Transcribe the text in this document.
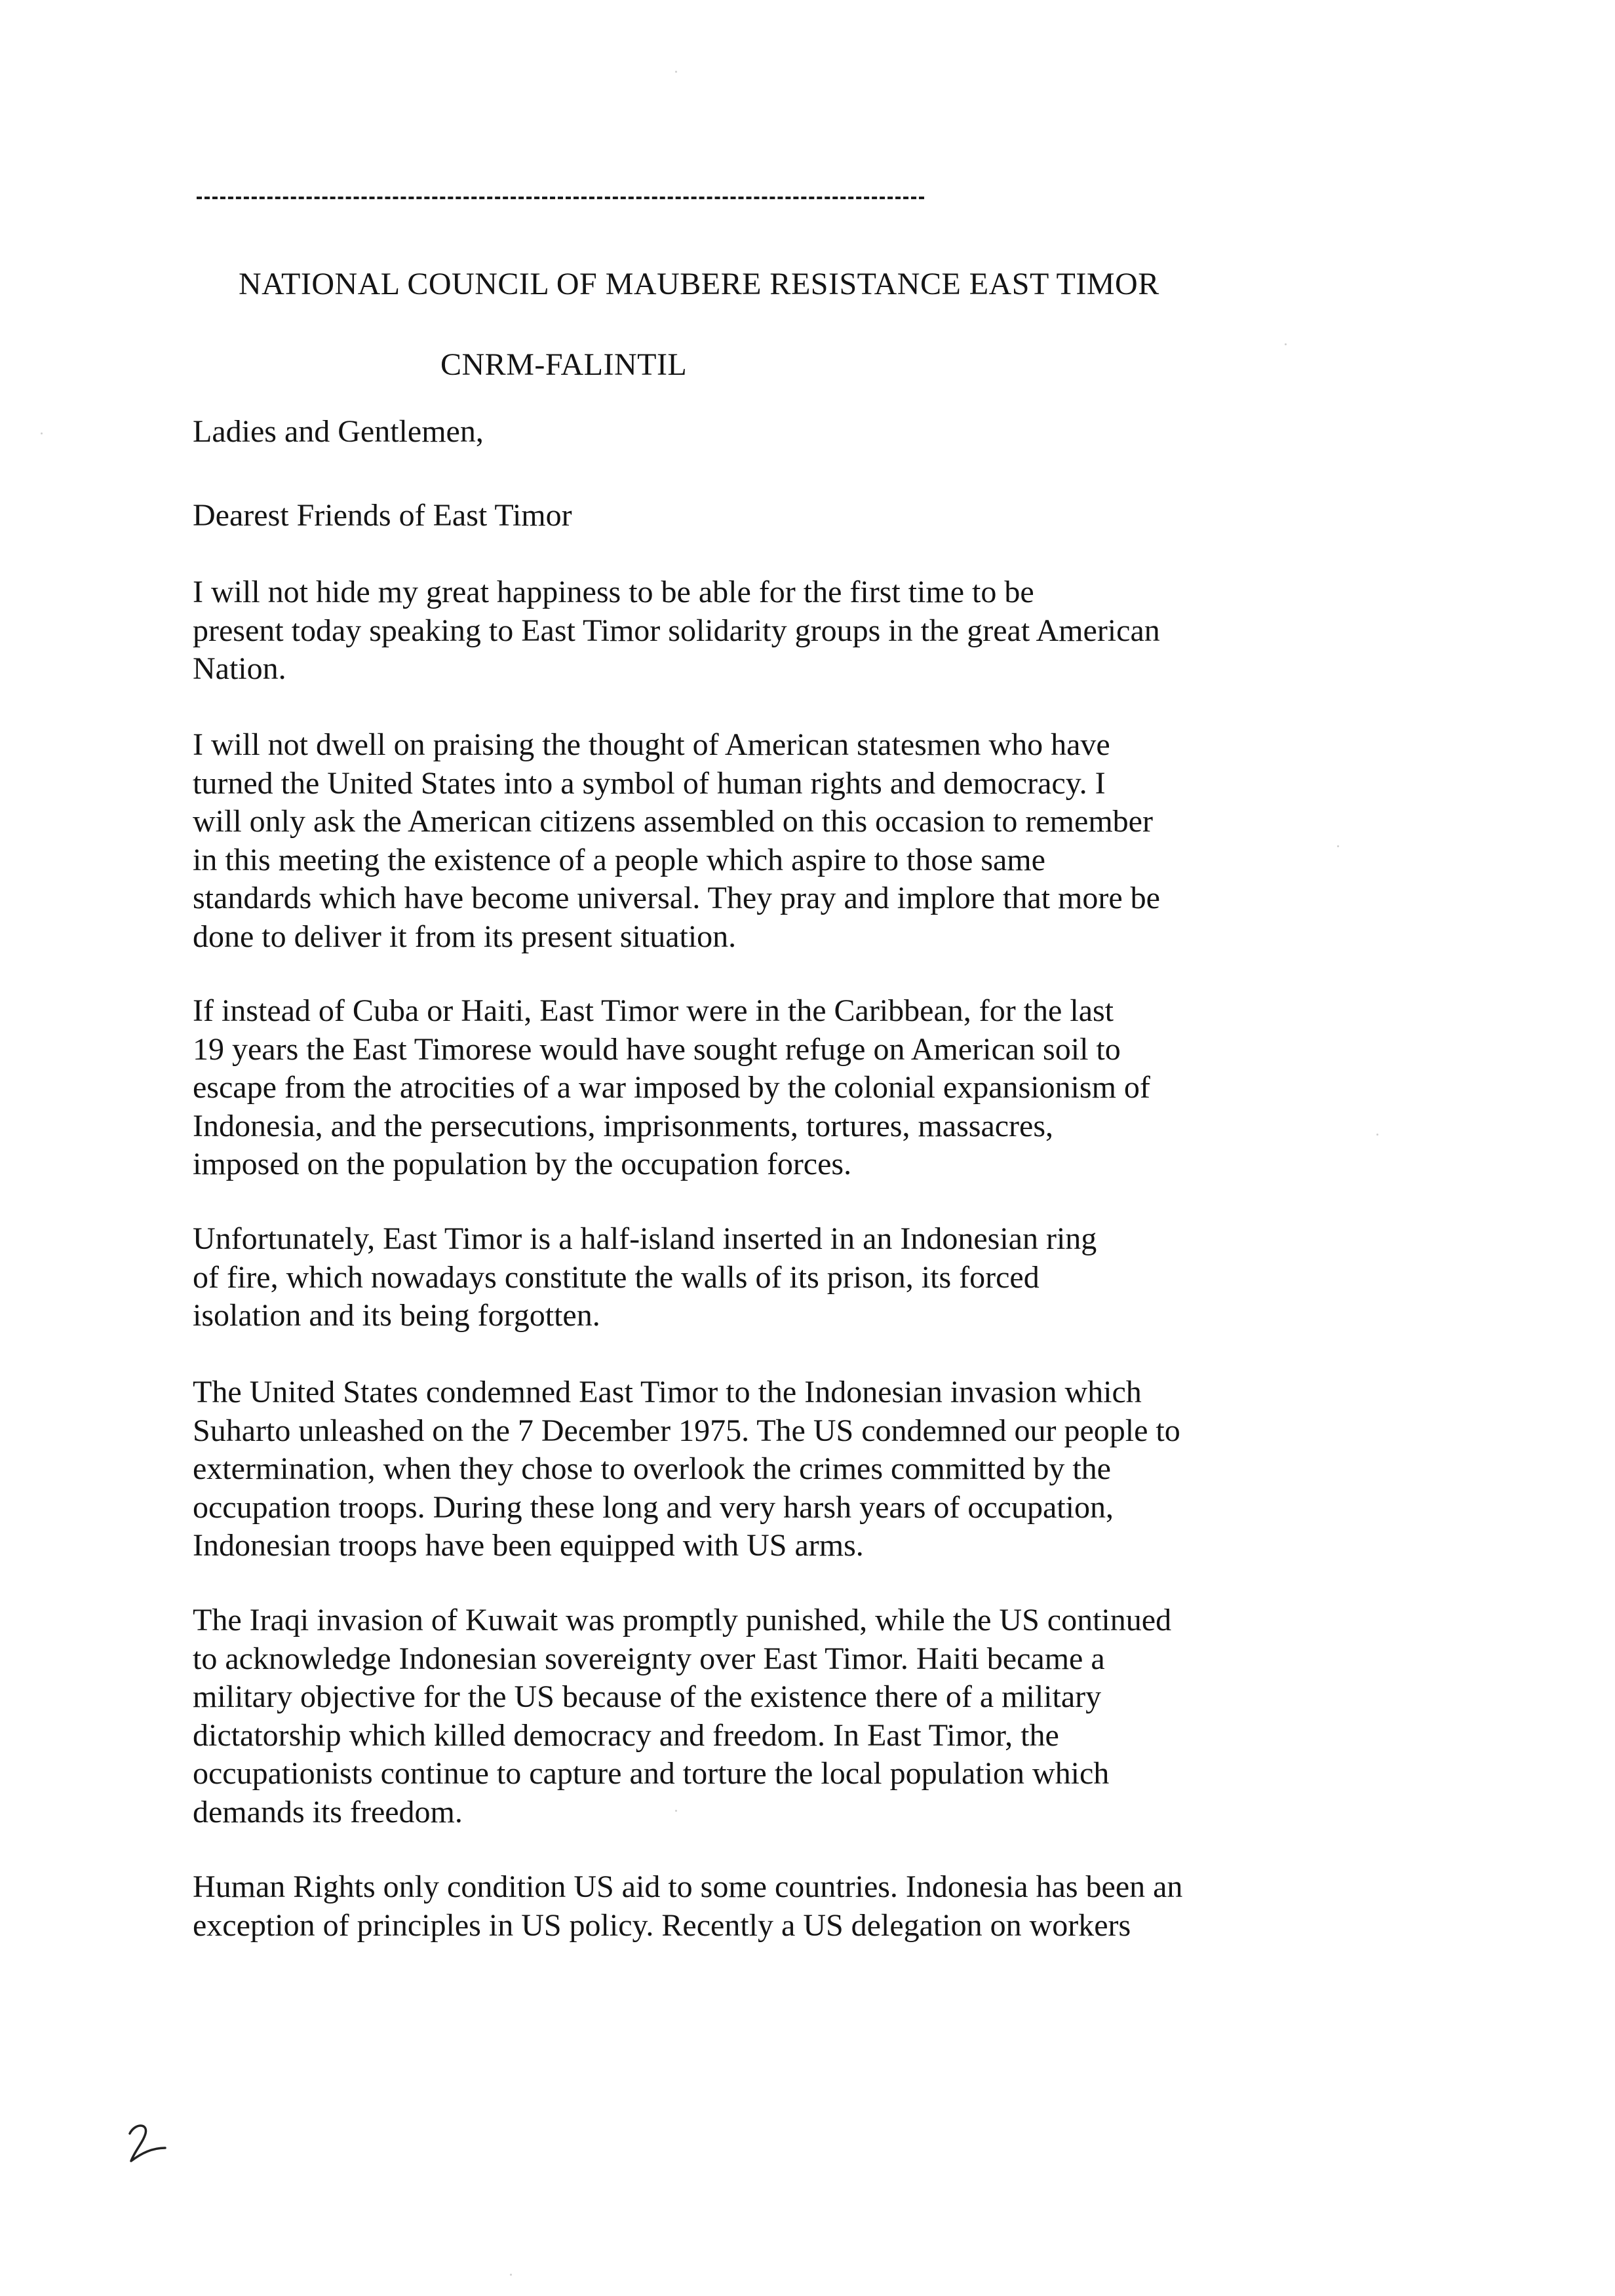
NATIONAL COUNCIL OF MAUBERE RESISTANCE EAST TIMOR
CNRM-FALINTIL
Ladies and Gentlemen,
Dearest Friends of East Timor
I will not hide my great happiness to be able for the first time to be
present today speaking to East Timor solidarity groups in the great American
Nation.
I will not dwell on praising the thought of American statesmen who have
turned the United States into a symbol of human rights and democracy. I
will only ask the American citizens assembled on this occasion to remember
in this meeting the existence of a people which aspire to those same
standards which have become universal. They pray and implore that more be
done to deliver it from its present situation.
If instead of Cuba or Haiti, East Timor were in the Caribbean, for the last
19 years the East Timorese would have sought refuge on American soil to
escape from the atrocities of a war imposed by the colonial expansionism of
Indonesia, and the persecutions, imprisonments, tortures, massacres,
imposed on the population by the occupation forces.
Unfortunately, East Timor is a half-island inserted in an Indonesian ring
of fire, which nowadays constitute the walls of its prison, its forced
isolation and its being forgotten.
The United States condemned East Timor to the Indonesian invasion which
Suharto unleashed on the 7 December 1975. The US condemned our people to
extermination, when they chose to overlook the crimes committed by the
occupation troops. During these long and very harsh years of occupation,
Indonesian troops have been equipped with US arms.
The Iraqi invasion of Kuwait was promptly punished, while the US continued
to acknowledge Indonesian sovereignty over East Timor. Haiti became a
military objective for the US because of the existence there of a military
dictatorship which killed democracy and freedom. In East Timor, the
occupationists continue to capture and torture the local population which
demands its freedom.
Human Rights only condition US aid to some countries. Indonesia has been an
exception of principles in US policy. Recently a US delegation on workers
